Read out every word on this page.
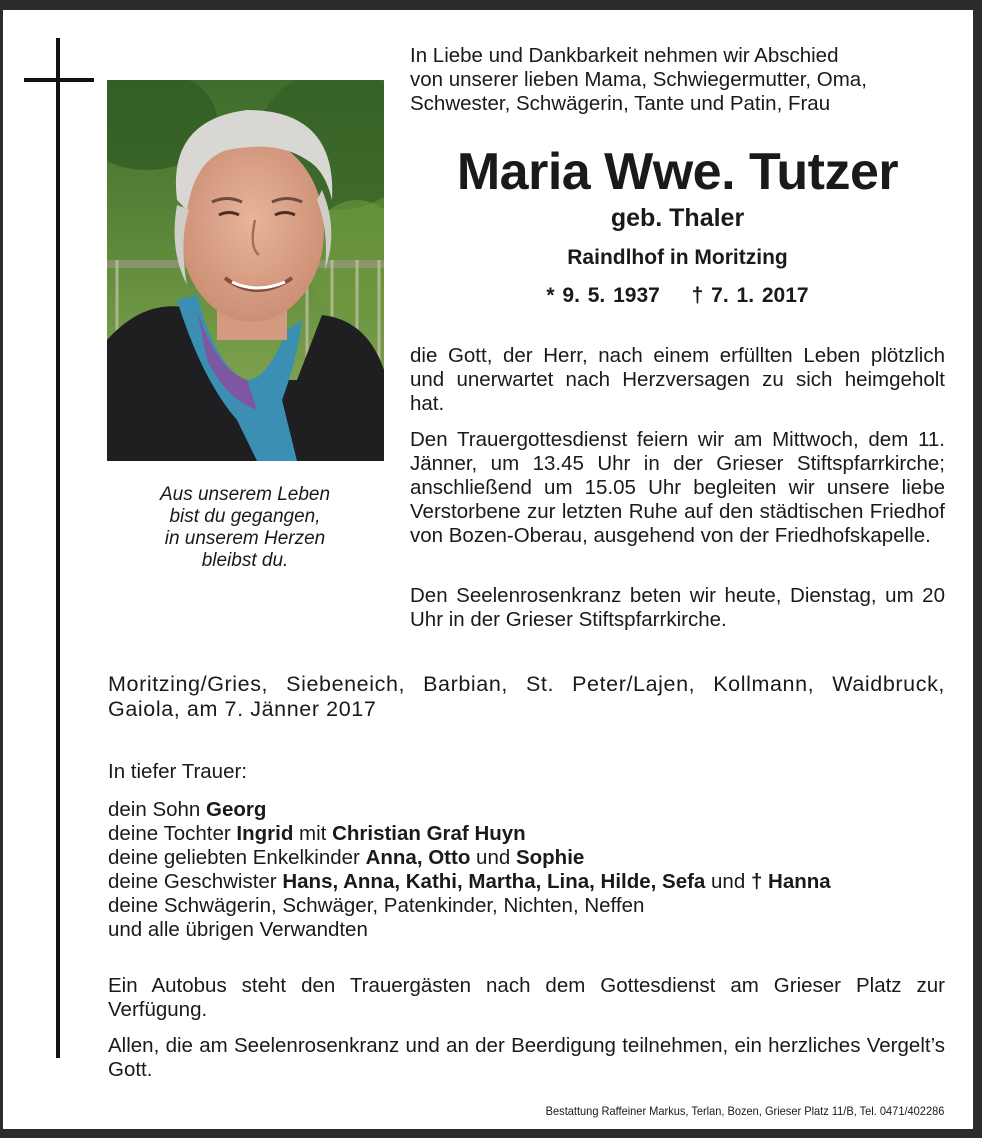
Aus unserem Leben
bist du gegangen,
in unserem Herzen
bleibst du.
In Liebe und Dankbarkeit nehmen wir Abschied
von unserer lieben Mama, Schwiegermutter, Oma,
Schwester, Schwägerin, Tante und Patin, Frau
Maria Wwe. Tutzer
geb. Thaler
Raindlhof in Moritzing
* 9. 5. 1937 † 7. 1. 2017
die Gott, der Herr, nach einem erfüllten Leben plötzlich und unerwartet nach Herzversagen zu sich heimgeholt hat.
Den Trauergottesdienst feiern wir am Mittwoch, dem 11. Jänner, um 13.45 Uhr in der Grieser Stiftspfarrkirche; anschließend um 15.05 Uhr begleiten wir unsere liebe Verstorbene zur letzten Ruhe auf den städtischen Friedhof von Bozen-Oberau, ausgehend von der Friedhofskapelle.
Den Seelenrosenkranz beten wir heute, Dienstag, um 20 Uhr in der Grieser Stiftspfarrkirche.
Moritzing/Gries, Siebeneich, Barbian, St. Peter/Lajen, Kollmann, Waidbruck, Gaiola, am 7. Jänner 2017
In tiefer Trauer:
dein Sohn Georg
deine Tochter Ingrid mit Christian Graf Huyn
deine geliebten Enkelkinder Anna, Otto und Sophie
deine Geschwister Hans, Anna, Kathi, Martha, Lina, Hilde, Sefa und † Hanna
deine Schwägerin, Schwäger, Patenkinder, Nichten, Neffen
und alle übrigen Verwandten
Ein Autobus steht den Trauergästen nach dem Gottesdienst am Grieser Platz zur Verfügung.
Allen, die am Seelenrosenkranz und an der Beerdigung teilnehmen, ein herzliches Vergelt’s Gott.
Bestattung Raffeiner Markus, Terlan, Bozen, Grieser Platz 11/B, Tel. 0471/402286
